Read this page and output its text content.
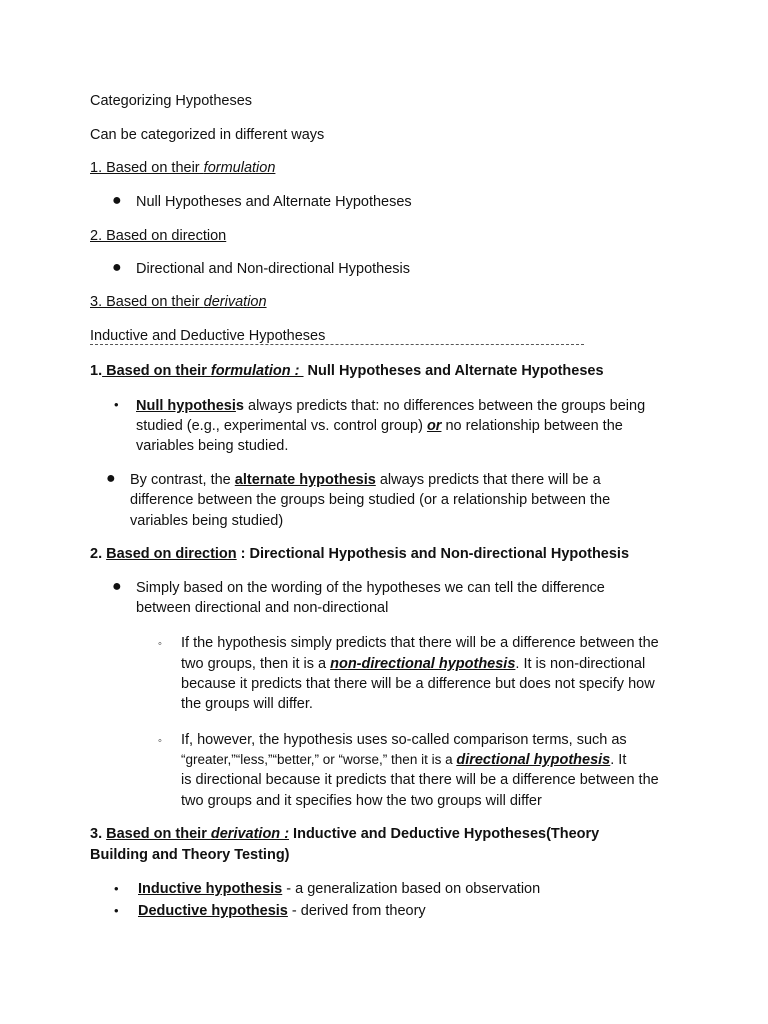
Categorizing Hypotheses
Can be categorized in different ways
1. Based on their formulation
● Null Hypotheses and Alternate Hypotheses
2. Based on direction
● Directional and Non-directional Hypothesis
3. Based on their derivation
Inductive and Deductive Hypotheses
1. Based on their formulation :  Null Hypotheses and Alternate Hypotheses
• Null hypothesis always predicts that: no differences between the groups being
studied (e.g., experimental vs. control group) or no relationship between the
variables being studied.
● By contrast, the alternate hypothesis always predicts that there will be a
difference between the groups being studied (or a relationship between the
variables being studied)
2. Based on direction : Directional Hypothesis and Non-directional Hypothesis
● Simply based on the wording of the hypotheses we can tell the difference
between directional and non-directional
◦ If the hypothesis simply predicts that there will be a difference between the
two groups, then it is a non-directional hypothesis. It is non-directional
because it predicts that there will be a difference but does not specify how
the groups will differ.
◦ If, however, the hypothesis uses so-called comparison terms, such as
“greater,”“less,”“better,” or “worse,” then it is a directional hypothesis. It
is directional because it predicts that there will be a difference between the
two groups and it specifies how the two groups will differ
3. Based on their derivation : Inductive and Deductive Hypotheses(Theory
Building and Theory Testing)
• Inductive hypothesis - a generalization based on observation
• Deductive hypothesis - derived from theory
